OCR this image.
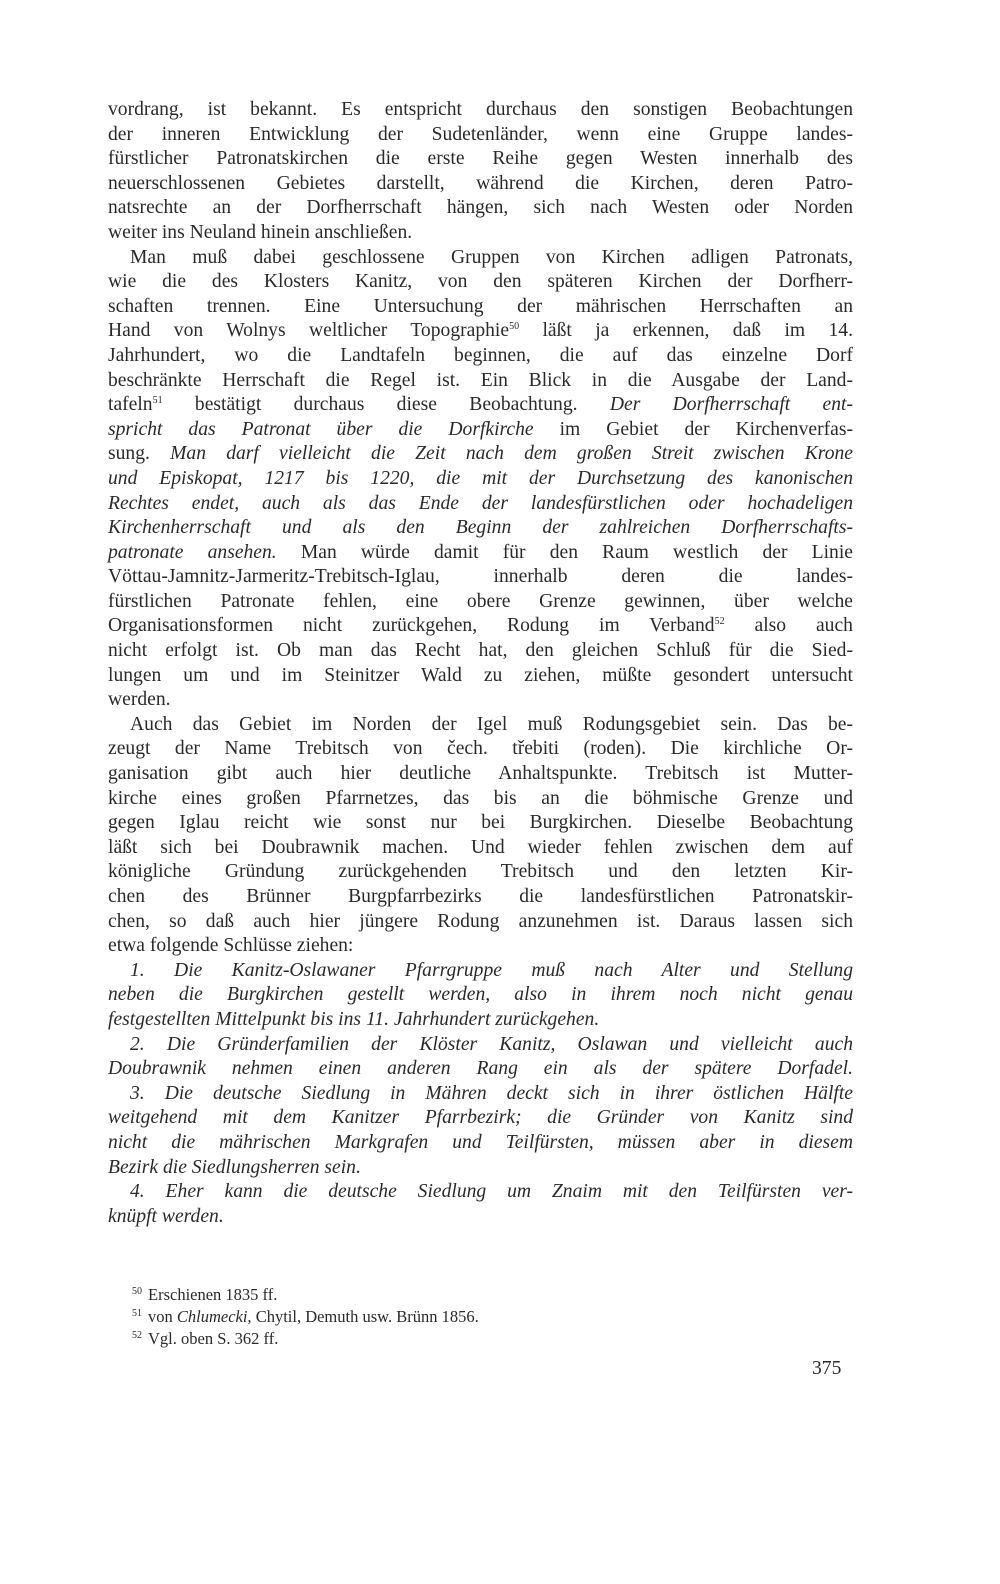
vordrang, ist bekannt. Es entspricht durchaus den sonstigen Beobachtungen
der inneren Entwicklung der Sudetenländer, wenn eine Gruppe landes-
fürstlicher Patronatskirchen die erste Reihe gegen Westen innerhalb des
neuerschlossenen Gebietes darstellt, während die Kirchen, deren Patro-
natsrechte an der Dorfherrschaft hängen, sich nach Westen oder Norden
weiter ins Neuland hinein anschließen.
Man muß dabei geschlossene Gruppen von Kirchen adligen Patronats,
wie die des Klosters Kanitz, von den späteren Kirchen der Dorfherr-
schaften trennen. Eine Untersuchung der mährischen Herrschaften an
Hand von Wolnys weltlicher Topographie$^{50}$ läßt ja erkennen, daß im 14.
Jahrhundert, wo die Landtafeln beginnen, die auf das einzelne Dorf
beschränkte Herrschaft die Regel ist. Ein Blick in die Ausgabe der Land-
tafeln$^{51}$ bestätigt durchaus diese Beobachtung. Der Dorfherrschaft ent-
spricht das Patronat über die Dorfkirche im Gebiet der Kirchenverfas-
sung. Man darf vielleicht die Zeit nach dem großen Streit zwischen Krone
und Episkopat, 1217 bis 1220, die mit der Durchsetzung des kanonischen
Rechtes endet, auch als das Ende der landesfürstlichen oder hochadeligen
Kirchenherrschaft und als den Beginn der zahlreichen Dorfherrschafts-
patronate ansehen. Man würde damit für den Raum westlich der Linie
Vöttau-Jamnitz-Jarmeritz-Trebitsch-Iglau, innerhalb deren die landes-
fürstlichen Patronate fehlen, eine obere Grenze gewinnen, über welche
Organisationsformen nicht zurückgehen, Rodung im Verband$^{52}$ also auch
nicht erfolgt ist. Ob man das Recht hat, den gleichen Schluß für die Sied-
lungen um und im Steinitzer Wald zu ziehen, müßte gesondert untersucht
werden.
Auch das Gebiet im Norden der Igel muß Rodungsgebiet sein. Das be-
zeugt der Name Trebitsch von čech. třebiti (roden). Die kirchliche Or-
ganisation gibt auch hier deutliche Anhaltspunkte. Trebitsch ist Mutter-
kirche eines großen Pfarrnetzes, das bis an die böhmische Grenze und
gegen Iglau reicht wie sonst nur bei Burgkirchen. Dieselbe Beobachtung
läßt sich bei Doubrawnik machen. Und wieder fehlen zwischen dem auf
königliche Gründung zurückgehenden Trebitsch und den letzten Kir-
chen des Brünner Burgpfarrbezirks die landesfürstlichen Patronatskir-
chen, so daß auch hier jüngere Rodung anzunehmen ist. Daraus lassen sich
etwa folgende Schlüsse ziehen:
1. Die Kanitz-Oslawaner Pfarrgruppe muß nach Alter und Stellung
neben die Burgkirchen gestellt werden, also in ihrem noch nicht genau
festgestellten Mittelpunkt bis ins 11. Jahrhundert zurückgehen.
2. Die Gründerfamilien der Klöster Kanitz, Oslawan und vielleicht auch
Doubrawnik nehmen einen anderen Rang ein als der spätere Dorfadel.
3. Die deutsche Siedlung in Mähren deckt sich in ihrer östlichen Hälfte
weitgehend mit dem Kanitzer Pfarrbezirk; die Gründer von Kanitz sind
nicht die mährischen Markgrafen und Teilfürsten, müssen aber in diesem
Bezirk die Siedlungsherren sein.
4. Eher kann die deutsche Siedlung um Znaim mit den Teilfürsten ver-
knüpft werden.
$^{50}$ Erschienen 1835 ff.
$^{51}$ von Chlumecki, Chytil, Demuth usw. Brünn 1856.
$^{52}$ Vgl. oben S. 362 ff.
375
